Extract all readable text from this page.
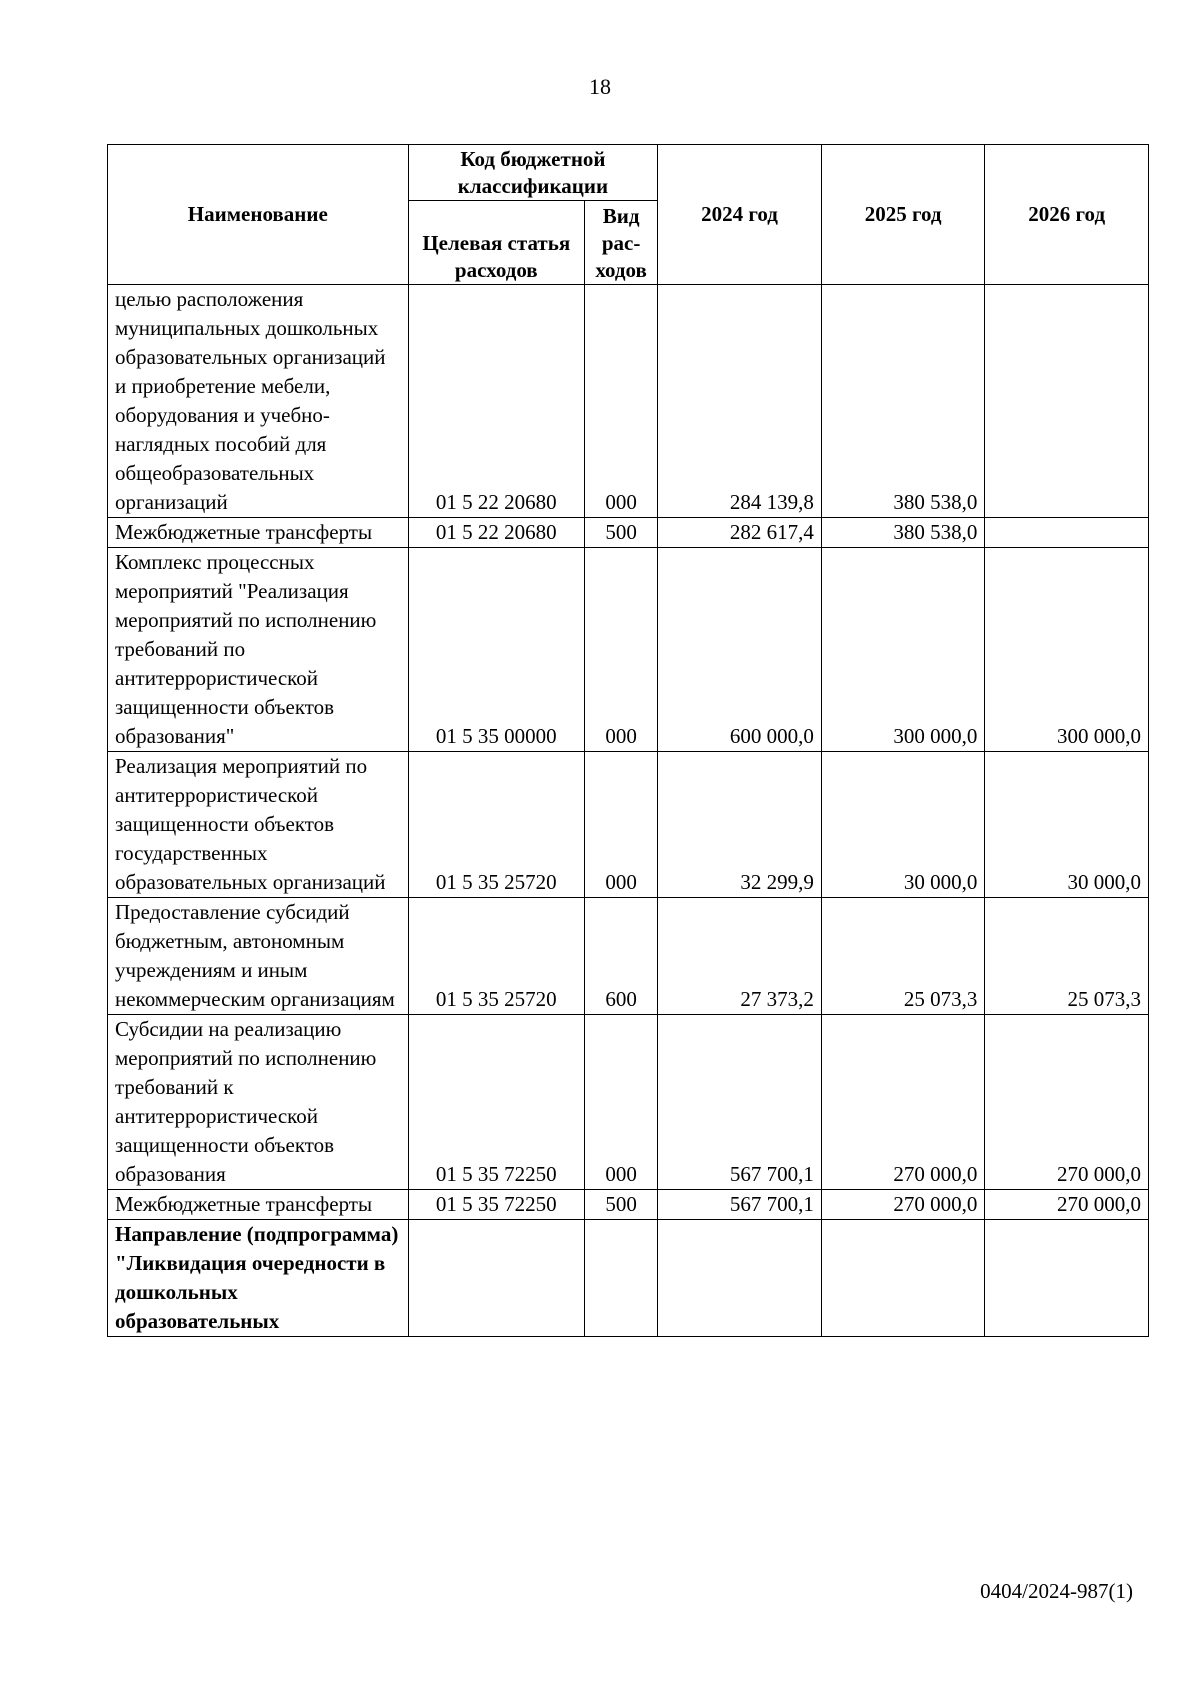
18
Наименование	Код бюджетной классификации		2024 год	2025 год	2026 год
	Целевая статья расходов	Вид рас-ходов			
целью расположения муниципальных дошкольных образовательных организаций и приобретение мебели, оборудования и учебно-наглядных пособий для общеобразовательных организаций	01 5 22 20680	000	284 139,8	380 538,0	
Межбюджетные трансферты	01 5 22 20680	500	282 617,4	380 538,0	
Комплекс процессных мероприятий "Реализация мероприятий по исполнению требований по антитеррористической защищенности объектов образования"	01 5 35 00000	000	600 000,0	300 000,0	300 000,0
Реализация мероприятий по антитеррористической защищенности объектов государственных образовательных организаций	01 5 35 25720	000	32 299,9	30 000,0	30 000,0
Предоставление субсидий бюджетным, автономным учреждениям и иным некоммерческим организациям	01 5 35 25720	600	27 373,2	25 073,3	25 073,3
Субсидии на реализацию мероприятий по исполнению требований к антитеррористической защищенности объектов образования	01 5 35 72250	000	567 700,1	270 000,0	270 000,0
Межбюджетные трансферты	01 5 35 72250	500	567 700,1	270 000,0	270 000,0
Направление (подпрограмма) "Ликвидация очередности в дошкольных образовательных					
0404/2024-987(1)
